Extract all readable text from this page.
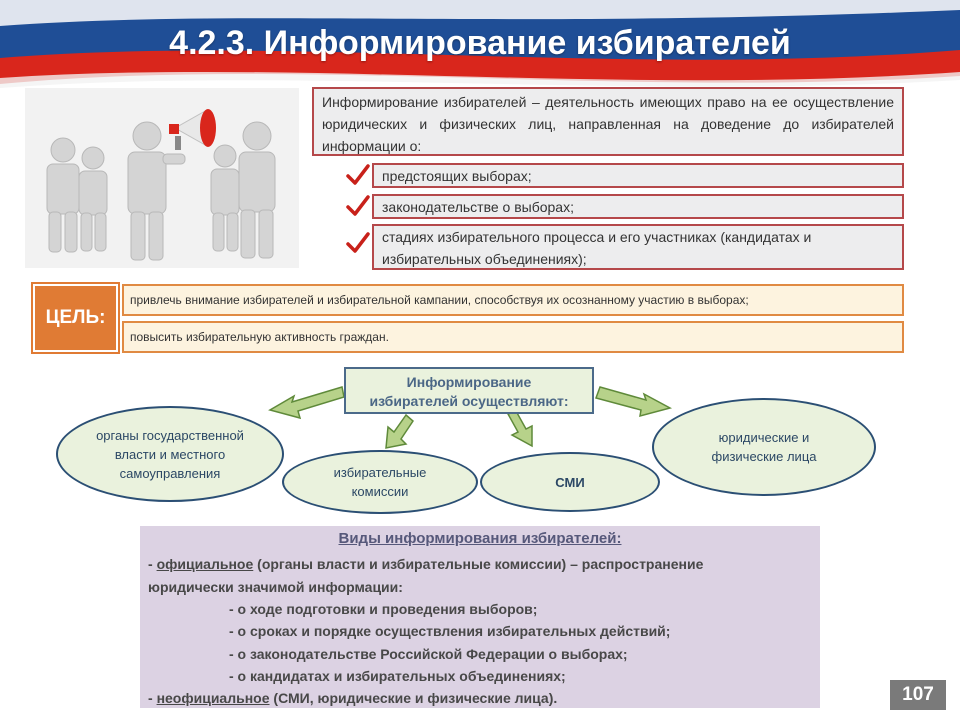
4.2.3. Информирование избирателей
Информирование избирателей – деятельность имеющих право на ее осуществление юридических и физических лиц, направленная на доведение до избирателей информации о:
предстоящих выборах;
законодательстве о выборах;
стадиях избирательного процесса и его участниках (кандидатах и избирательных объединениях);
ЦЕЛЬ:
привлечь внимание избирателей и избирательной кампании, способствуя их осознанному участию в выборах;
повысить избирательную активность граждан.
Информирование
избирателей осуществляют:
органы государственной власти и местного самоуправления	избирательные комиссии
СМИ
юридические и физические лица
Виды информирования избирателей:
- официальное (органы власти и избирательные комиссии) – распространение
юридически значимой информации:
- о ходе подготовки и проведения выборов;
- о сроках и порядке осуществления избирательных действий;
- о законодательстве Российской Федерации о выборах;
- о кандидатах и избирательных объединениях;
- неофициальное (СМИ, юридические и физические лица).	107
